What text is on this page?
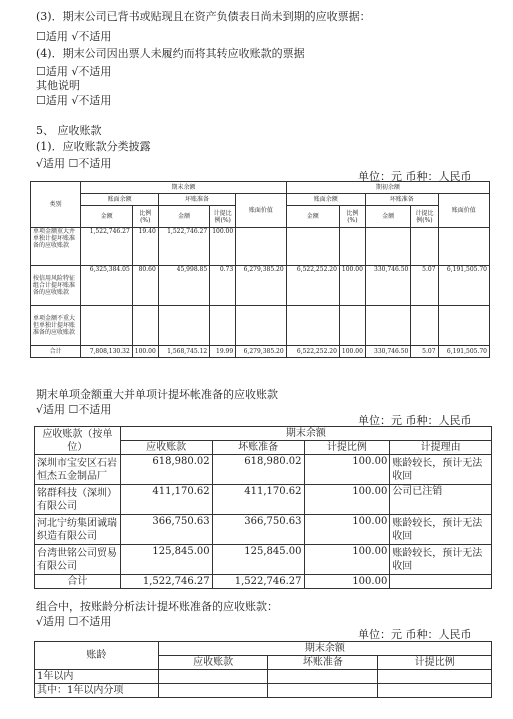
(3)．期末公司已背书或贴现且在资产负债表日尚未到期的应收票据：
☐适用 √不适用
(4)．期末公司因出票人未履约而将其转应收账款的票据
☐适用 √不适用
其他说明
☐适用 √不适用
5、 应收账款
(1)．应收账款分类披露
√适用 ☐不适用
单位：元 币种：人民币
类别	期末余额					期初余额				
	账面余额		坏账准备		账面价值	账面余额		坏账准备		账面价值
	金额	比例(%)	金额	计提比例(%)		金额	比例(%)	金额	计提比例(%)	
单项金额重大并单独计提坏账准备的应收账款	1,522,746.27	19.40	1,522,746.27	100.00						
按信用风险特征组合计提坏账准备的应收账款	6,325,384.05	80.60	45,998.85	0.73	6,279,385.20	6,522,252.20	100.00	330,746.50	5.07	6,191,505.70
单项金额不重大但单独计提坏账准备的应收账款										
合计	7,808,130.32	100.00	1,568,745.12	19.99	6,279,385.20	6,522,252.20	100.00	330,746.50	5.07	6,191,505.70
期末单项金额重大并单项计提坏帐准备的应收账款
√适用 ☐不适用
单位：元 币种：人民币
应收账款（按单位）	期末余额			
	应收账款	坏账准备	计提比例	计提理由
深圳市宝安区石岩恒杰五金制品厂	618,980.02	618,980.02	100.00	账龄较长，预计无法收回
铭群科技（深圳）有限公司	411,170.62	411,170.62	100.00	公司已注销
河北宁纺集团诚瑞织造有限公司	366,750.63	366,750.63	100.00	账龄较长，预计无法收回
台湾世铭公司贸易有限公司	125,845.00	125,845.00	100.00	账龄较长，预计无法收回
合计	1,522,746.27	1,522,746.27	100.00	
组合中，按账龄分析法计提坏账准备的应收账款：
√适用 ☐不适用
单位：元 币种：人民币
账龄	期末余额		
	应收账款	坏账准备	计提比例
1年以内			
其中：1年以内分项			
